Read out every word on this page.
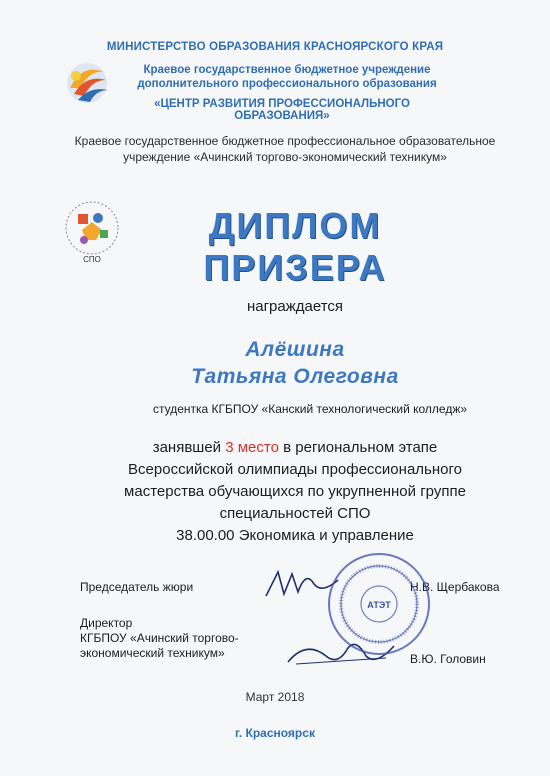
МИНИСТЕРСТВО ОБРАЗОВАНИЯ КРАСНОЯРСКОГО КРАЯ
Краевое государственное бюджетное учреждение дополнительного профессионального образования
«ЦЕНТР РАЗВИТИЯ ПРОФЕССИОНАЛЬНОГО ОБРАЗОВАНИЯ»
Краевое государственное бюджетное профессиональное образовательное учреждение «Ачинский торгово-экономический техникум»
СПО
ДИПЛОМ
ПРИЗЕРА
награждается
Алёшина
Татьяна Олеговна
студентка КГБПОУ «Канский технологический колледж»
занявшей 3 место в региональном этапе
Всероссийской олимпиады профессионального
мастерства обучающихся по укрупненной группе
специальностей СПО
38.00.00 Экономика и управление
Председатель жюри	Н.В. Щербакова
Директор
КГБПОУ «Ачинский торгово-
экономический техникум»	В.Ю. Головин
АТЭТ
Март 2018
г. Красноярск
